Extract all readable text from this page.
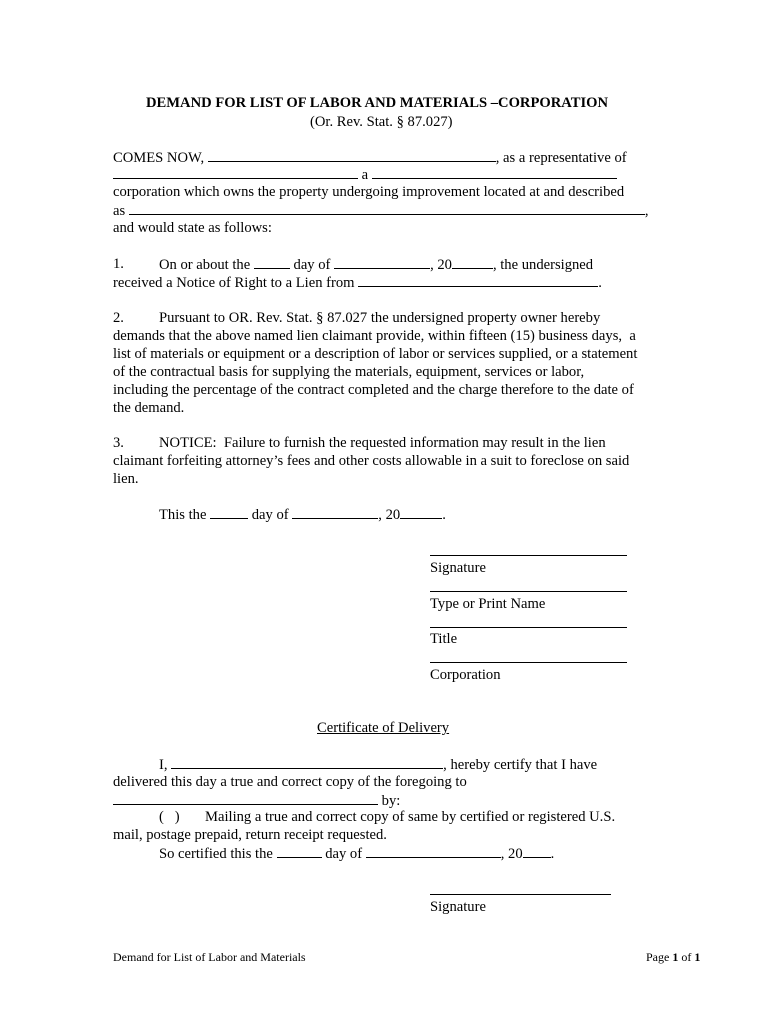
DEMAND FOR LIST OF LABOR AND MATERIALS –CORPORATION
(Or. Rev. Stat. § 87.027)
COMES NOW,	, as a representative of
a
corporation which owns the property undergoing improvement located at and described
as	,
and would state as follows:
1. On or about the	day of	, 20	, the undersigned
received a Notice of Right to a Lien from	.
2. Pursuant to OR. Rev. Stat. § 87.027 the undersigned property owner hereby
demands that the above named lien claimant provide, within fifteen (15) business days,  a
list of materials or equipment or a description of labor or services supplied, or a statement
of the contractual basis for supplying the materials, equipment, services or labor,
including the percentage of the contract completed and the charge therefore to the date of
the demand.
3. NOTICE:  Failure to furnish the requested information may result in the lien
claimant forfeiting attorney’s fees and other costs allowable in a suit to foreclose on said
lien.
This the	day of	, 20	.
Signature
Type or Print Name
Title
Corporation
Certificate of Delivery
I,	, hereby certify that I have
delivered this day a true and correct copy of the foregoing to
by:
(   ) Mailing a true and correct copy of same by certified or registered U.S.
mail, postage prepaid, return receipt requested.
So certified this the	day of	, 20 .
Signature
Demand for List of Labor and Materials	Page 1 of 1
